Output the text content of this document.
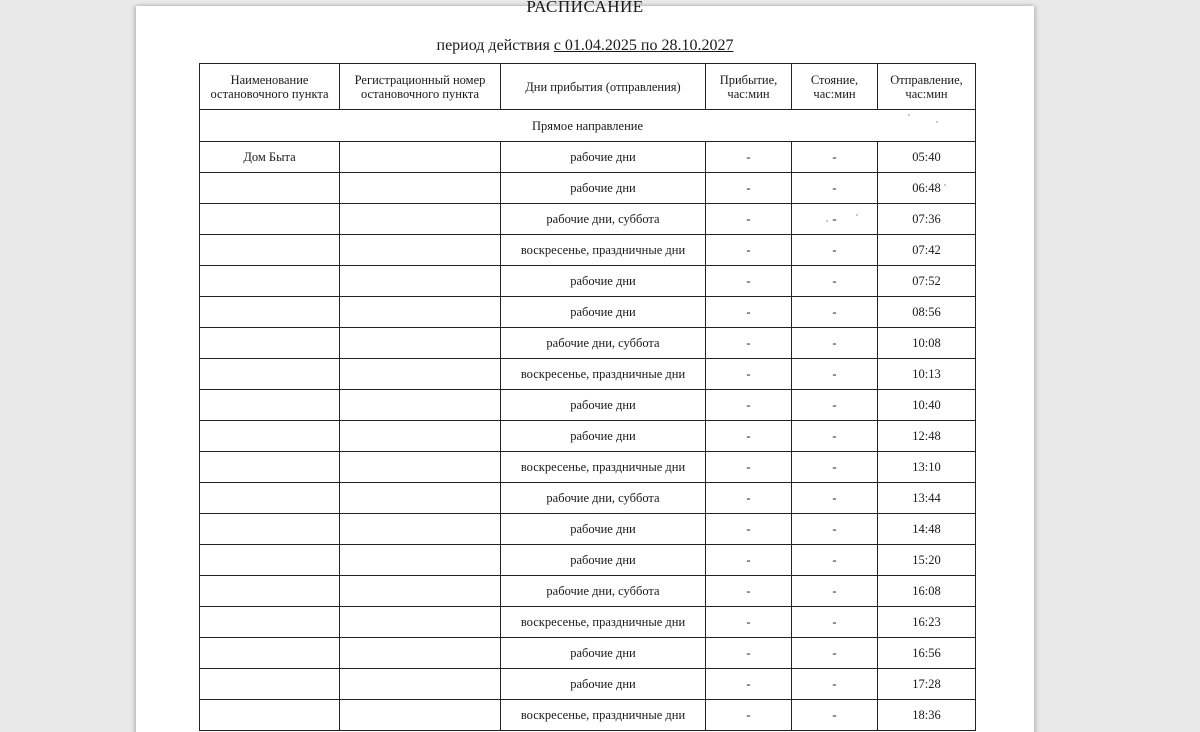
РАСПИСАНИЕ
период действия с 01.04.2025 по 28.10.2027
Наименование остановочного пункта	Регистрационный номер остановочного пункта	Дни прибытия (отправления)	Прибытие, час:мин	Стояние, час:мин	Отправление, час:мин
Прямое направление					
Дом Быта		рабочие дни	-	-	05:40
		рабочие дни	-	-	06:48
		рабочие дни, суббота	-	-	07:36
		воскресенье, праздничные дни	-	-	07:42
		рабочие дни	-	-	07:52
		рабочие дни	-	-	08:56
		рабочие дни, суббота	-	-	10:08
		воскресенье, праздничные дни	-	-	10:13
		рабочие дни	-	-	10:40
		рабочие дни	-	-	12:48
		воскресенье, праздничные дни	-	-	13:10
		рабочие дни, суббота	-	-	13:44
		рабочие дни	-	-	14:48
		рабочие дни	-	-	15:20
		рабочие дни, суббота	-	-	16:08
		воскресенье, праздничные дни	-	-	16:23
		рабочие дни	-	-	16:56
		рабочие дни	-	-	17:28
		воскресенье, праздничные дни	-	-	18:36
